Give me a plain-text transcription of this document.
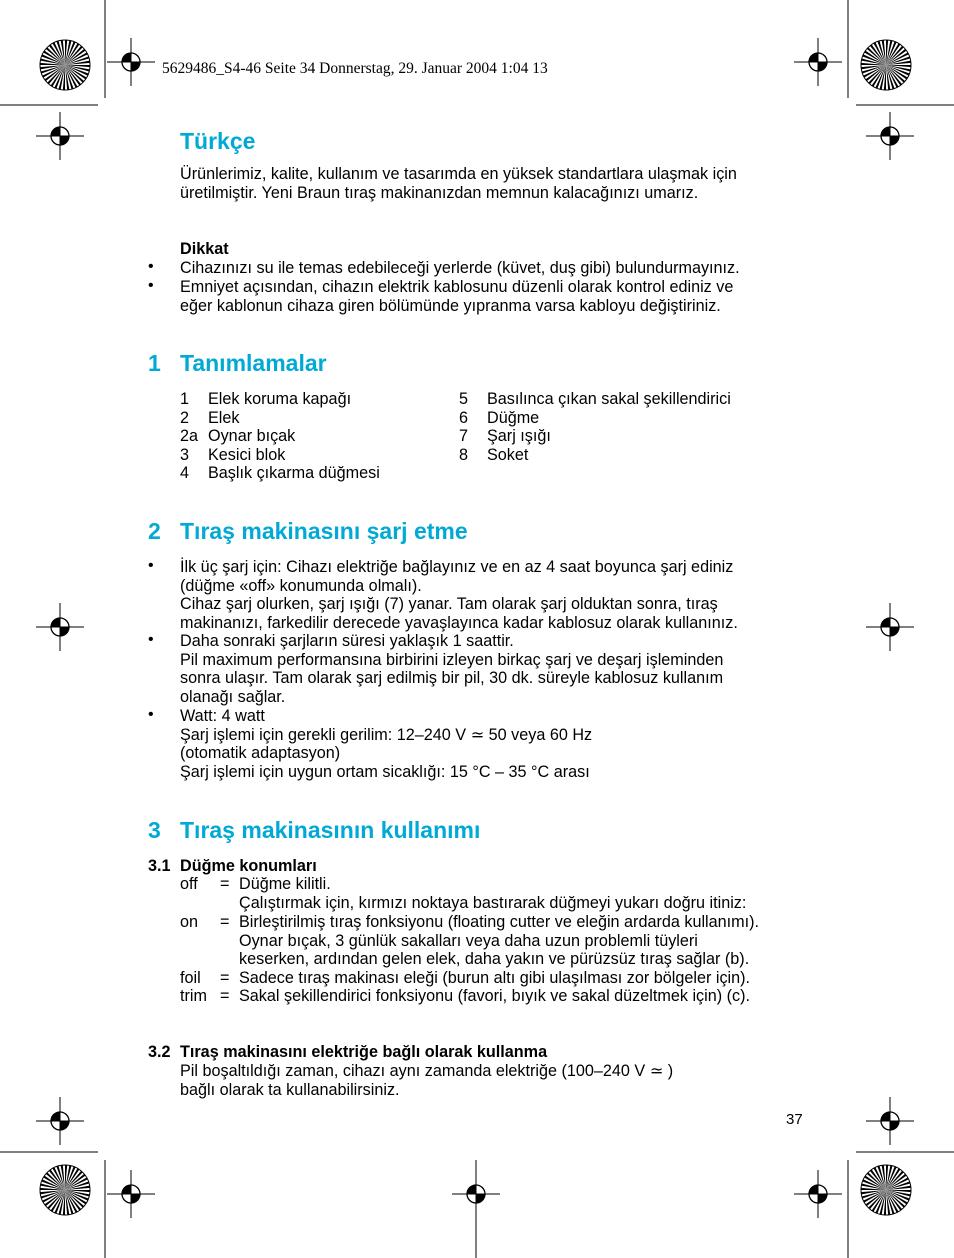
5629486_S4-46 Seite 34 Donnerstag, 29. Januar 2004 1:04 13
Türkçe
Ürünlerimiz, kalite, kullanım ve tasarımda en yüksek standartlara ulaşmak için
üretilmiştir. Yeni Braun tıraş makinanızdan memnun kalacağınızı umarız.
Dikkat
• Cihazınızı su ile temas edebileceği yerlerde (küvet, duş gibi) bulundurmayınız.
• Emniyet açısından, cihazın elektrik kablosunu düzenli olarak kontrol ediniz ve
eğer kablonun cihaza giren bölümünde yıpranma varsa kabloyu değiştiriniz.
1 Tanımlamalar
1 Elek koruma kapağı
2 Elek
2a Oynar bıçak
3 Kesici blok
4 Başlık çıkarma düğmesi
5 Basılınca çıkan sakal şekillendirici
6 Düğme
7 Şarj ışığı
8 Soket
2 Tıraş makinasını şarj etme
• İlk üç şarj için: Cihazı elektriğe bağlayınız ve en az 4 saat boyunca şarj ediniz
(düğme «off» konumunda olmalı).
Cihaz şarj olurken, şarj ışığı (7) yanar. Tam olarak şarj olduktan sonra, tıraş
makinanızı, farkedilir derecede yavaşlayınca kadar kablosuz olarak kullanınız.
• Daha sonraki şarjların süresi yaklaşık 1 saattir.
Pil maximum performansına birbirini izleyen birkaç şarj ve deşarj işleminden
sonra ulaşır. Tam olarak şarj edilmiş bir pil, 30 dk. süreyle kablosuz kullanım
olanağı sağlar.
• Watt: 4 watt
Şarj işlemi için gerekli gerilim: 12–240 V ≃ 50 veya 60 Hz
(otomatik adaptasyon)
Şarj işlemi için uygun ortam sicaklığı: 15 °C – 35 °C arası
3 Tıraş makinasının kullanımı
3.1 Düğme konumları
off = Düğme kilitli.
Çalıştırmak için, kırmızı noktaya bastırarak düğmeyi yukarı doğru itiniz:
on = Birleştirilmiş tıraş fonksiyonu (floating cutter ve eleğin ardarda kullanımı).
Oynar bıçak, 3 günlük sakalları veya daha uzun problemli tüyleri
keserken, ardından gelen elek, daha yakın ve pürüzsüz tıraş sağlar (b).
foil = Sadece tıraş makinası eleği (burun altı gibi ulaşılması zor bölgeler için).
trim = Sakal şekillendirici fonksiyonu (favori, bıyık ve sakal düzeltmek için) (c).
3.2 Tıraş makinasını elektriğe bağlı olarak kullanma
Pil boşaltıldığı zaman, cihazı aynı zamanda elektriğe (100–240 V ≃ )
bağlı olarak ta kullanabilirsiniz.
37
